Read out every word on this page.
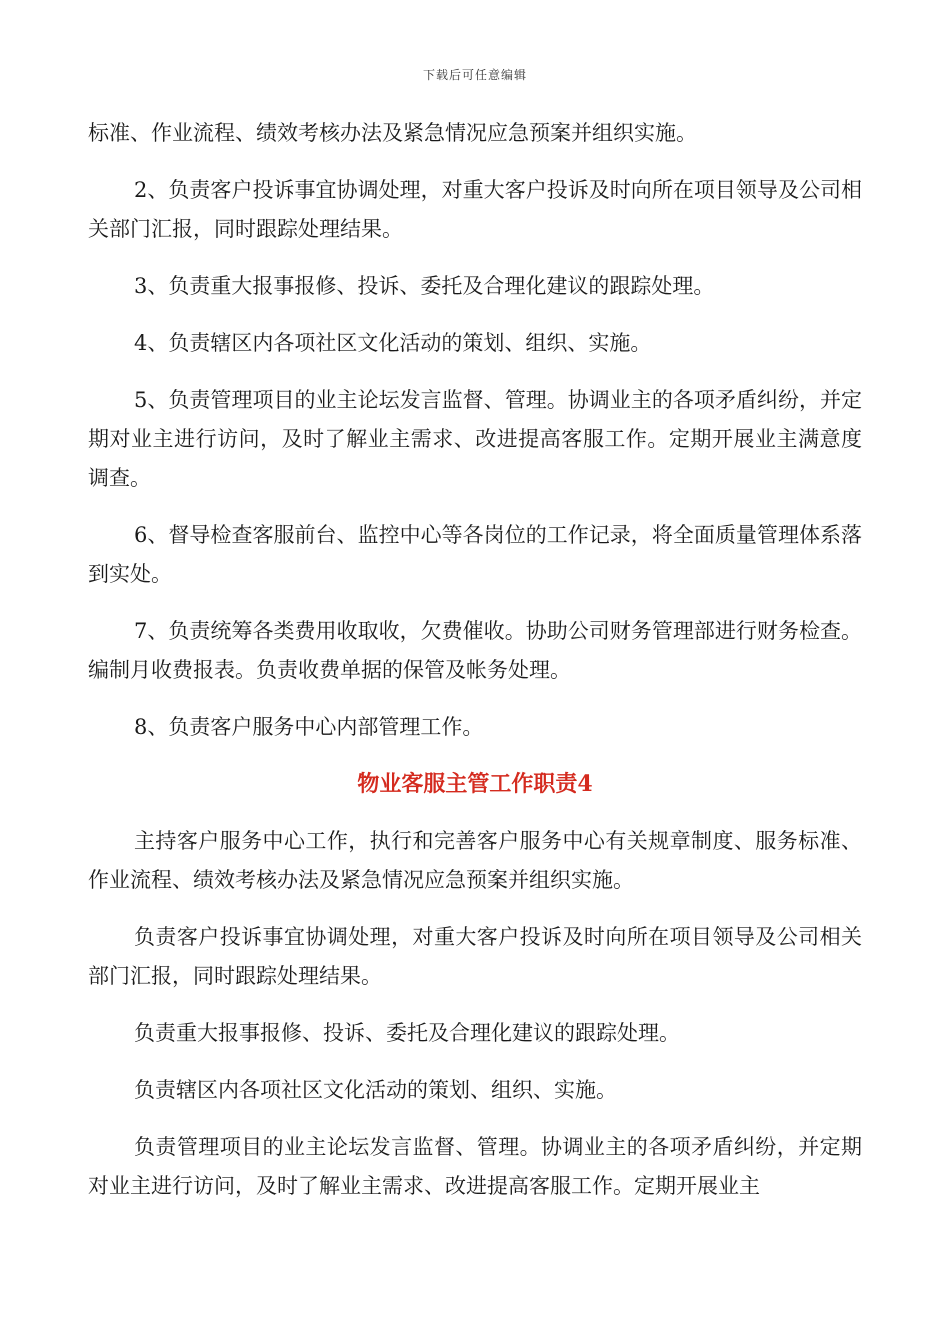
下载后可任意编辑

标准、作业流程、绩效考核办法及紧急情况应急预案并组织实施。

2、负责客户投诉事宜协调处理，对重大客户投诉及时向所在项目领导及公司相关部门汇报，同时跟踪处理结果。

3、负责重大报事报修、投诉、委托及合理化建议的跟踪处理。

4、负责辖区内各项社区文化活动的策划、组织、实施。

5、负责管理项目的业主论坛发言监督、管理。协调业主的各项矛盾纠纷，并定期对业主进行访问，及时了解业主需求、改进提高客服工作。定期开展业主满意度调查。

6、督导检查客服前台、监控中心等各岗位的工作记录，将全面质量管理体系落到实处。

7、负责统筹各类费用收取收，欠费催收。协助公司财务管理部进行财务检查。编制月收费报表。负责收费单据的保管及帐务处理。

8、负责客户服务中心内部管理工作。

物业客服主管工作职责4

主持客户服务中心工作，执行和完善客户服务中心有关规章制度、服务标准、作业流程、绩效考核办法及紧急情况应急预案并组织实施。

负责客户投诉事宜协调处理，对重大客户投诉及时向所在项目领导及公司相关部门汇报，同时跟踪处理结果。

负责重大报事报修、投诉、委托及合理化建议的跟踪处理。

负责辖区内各项社区文化活动的策划、组织、实施。

负责管理项目的业主论坛发言监督、管理。协调业主的各项矛盾纠纷，并定期对业主进行访问，及时了解业主需求、改进提高客服工作。定期开展业主
